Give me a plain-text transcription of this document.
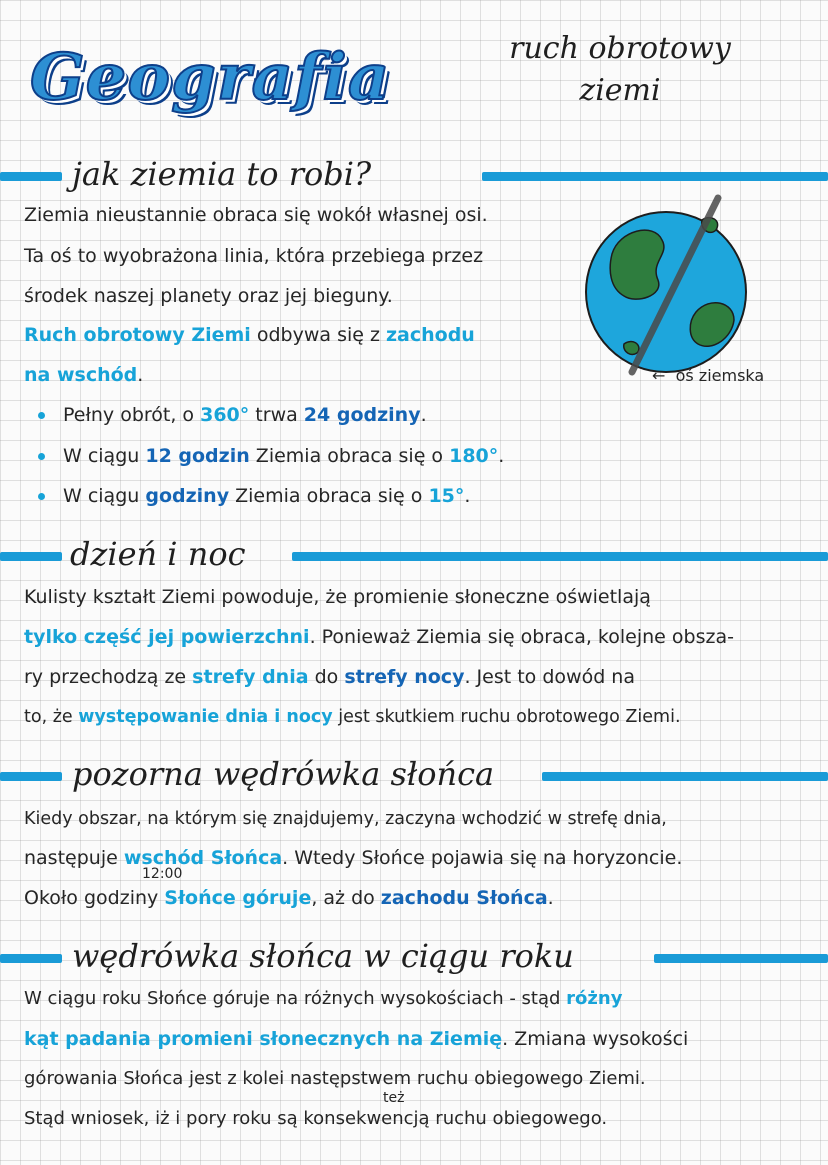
Geografia	ruch obrotowy
ziemi
jak ziemia to robi?
Ziemia nieustannie obraca się wokół własnej osi.
Ta oś to wyobrażona linia, która przebiega przez
środek naszej planety oraz jej bieguny.
Ruch obrotowy Ziemi odbywa się z zachodu
na wschód.	←  oś ziemska
Pełny obrót, o 360° trwa 24 godziny.
W ciągu 12 godzin Ziemia obraca się o 180°.
W ciągu godziny Ziemia obraca się o 15°.
dzień i noc
Kulisty kształt Ziemi powoduje, że promienie słoneczne oświetlają
tylko część jej powierzchni. Ponieważ Ziemia się obraca, kolejne obsza-
ry przechodzą ze strefy dnia do strefy nocy. Jest to dowód na
to, że występowanie dnia i nocy jest skutkiem ruchu obrotowego Ziemi.
pozorna wędrówka słońca
Kiedy obszar, na którym się znajdujemy, zaczyna wchodzić w strefę dnia,
następuje wschód Słońca. Wtedy Słońce pojawia się na horyzoncie.
12:00
Około godziny Słońce góruje, aż do zachodu Słońca.
wędrówka słońca w ciągu roku
W ciągu roku Słońce góruje na różnych wysokościach - stąd różny
kąt padania promieni słonecznych na Ziemię. Zmiana wysokości
górowania Słońca jest z kolei następstwem ruchu obiegowego Ziemi.
też
Stąd wniosek, iż i pory roku są konsekwencją ruchu obiegowego.
